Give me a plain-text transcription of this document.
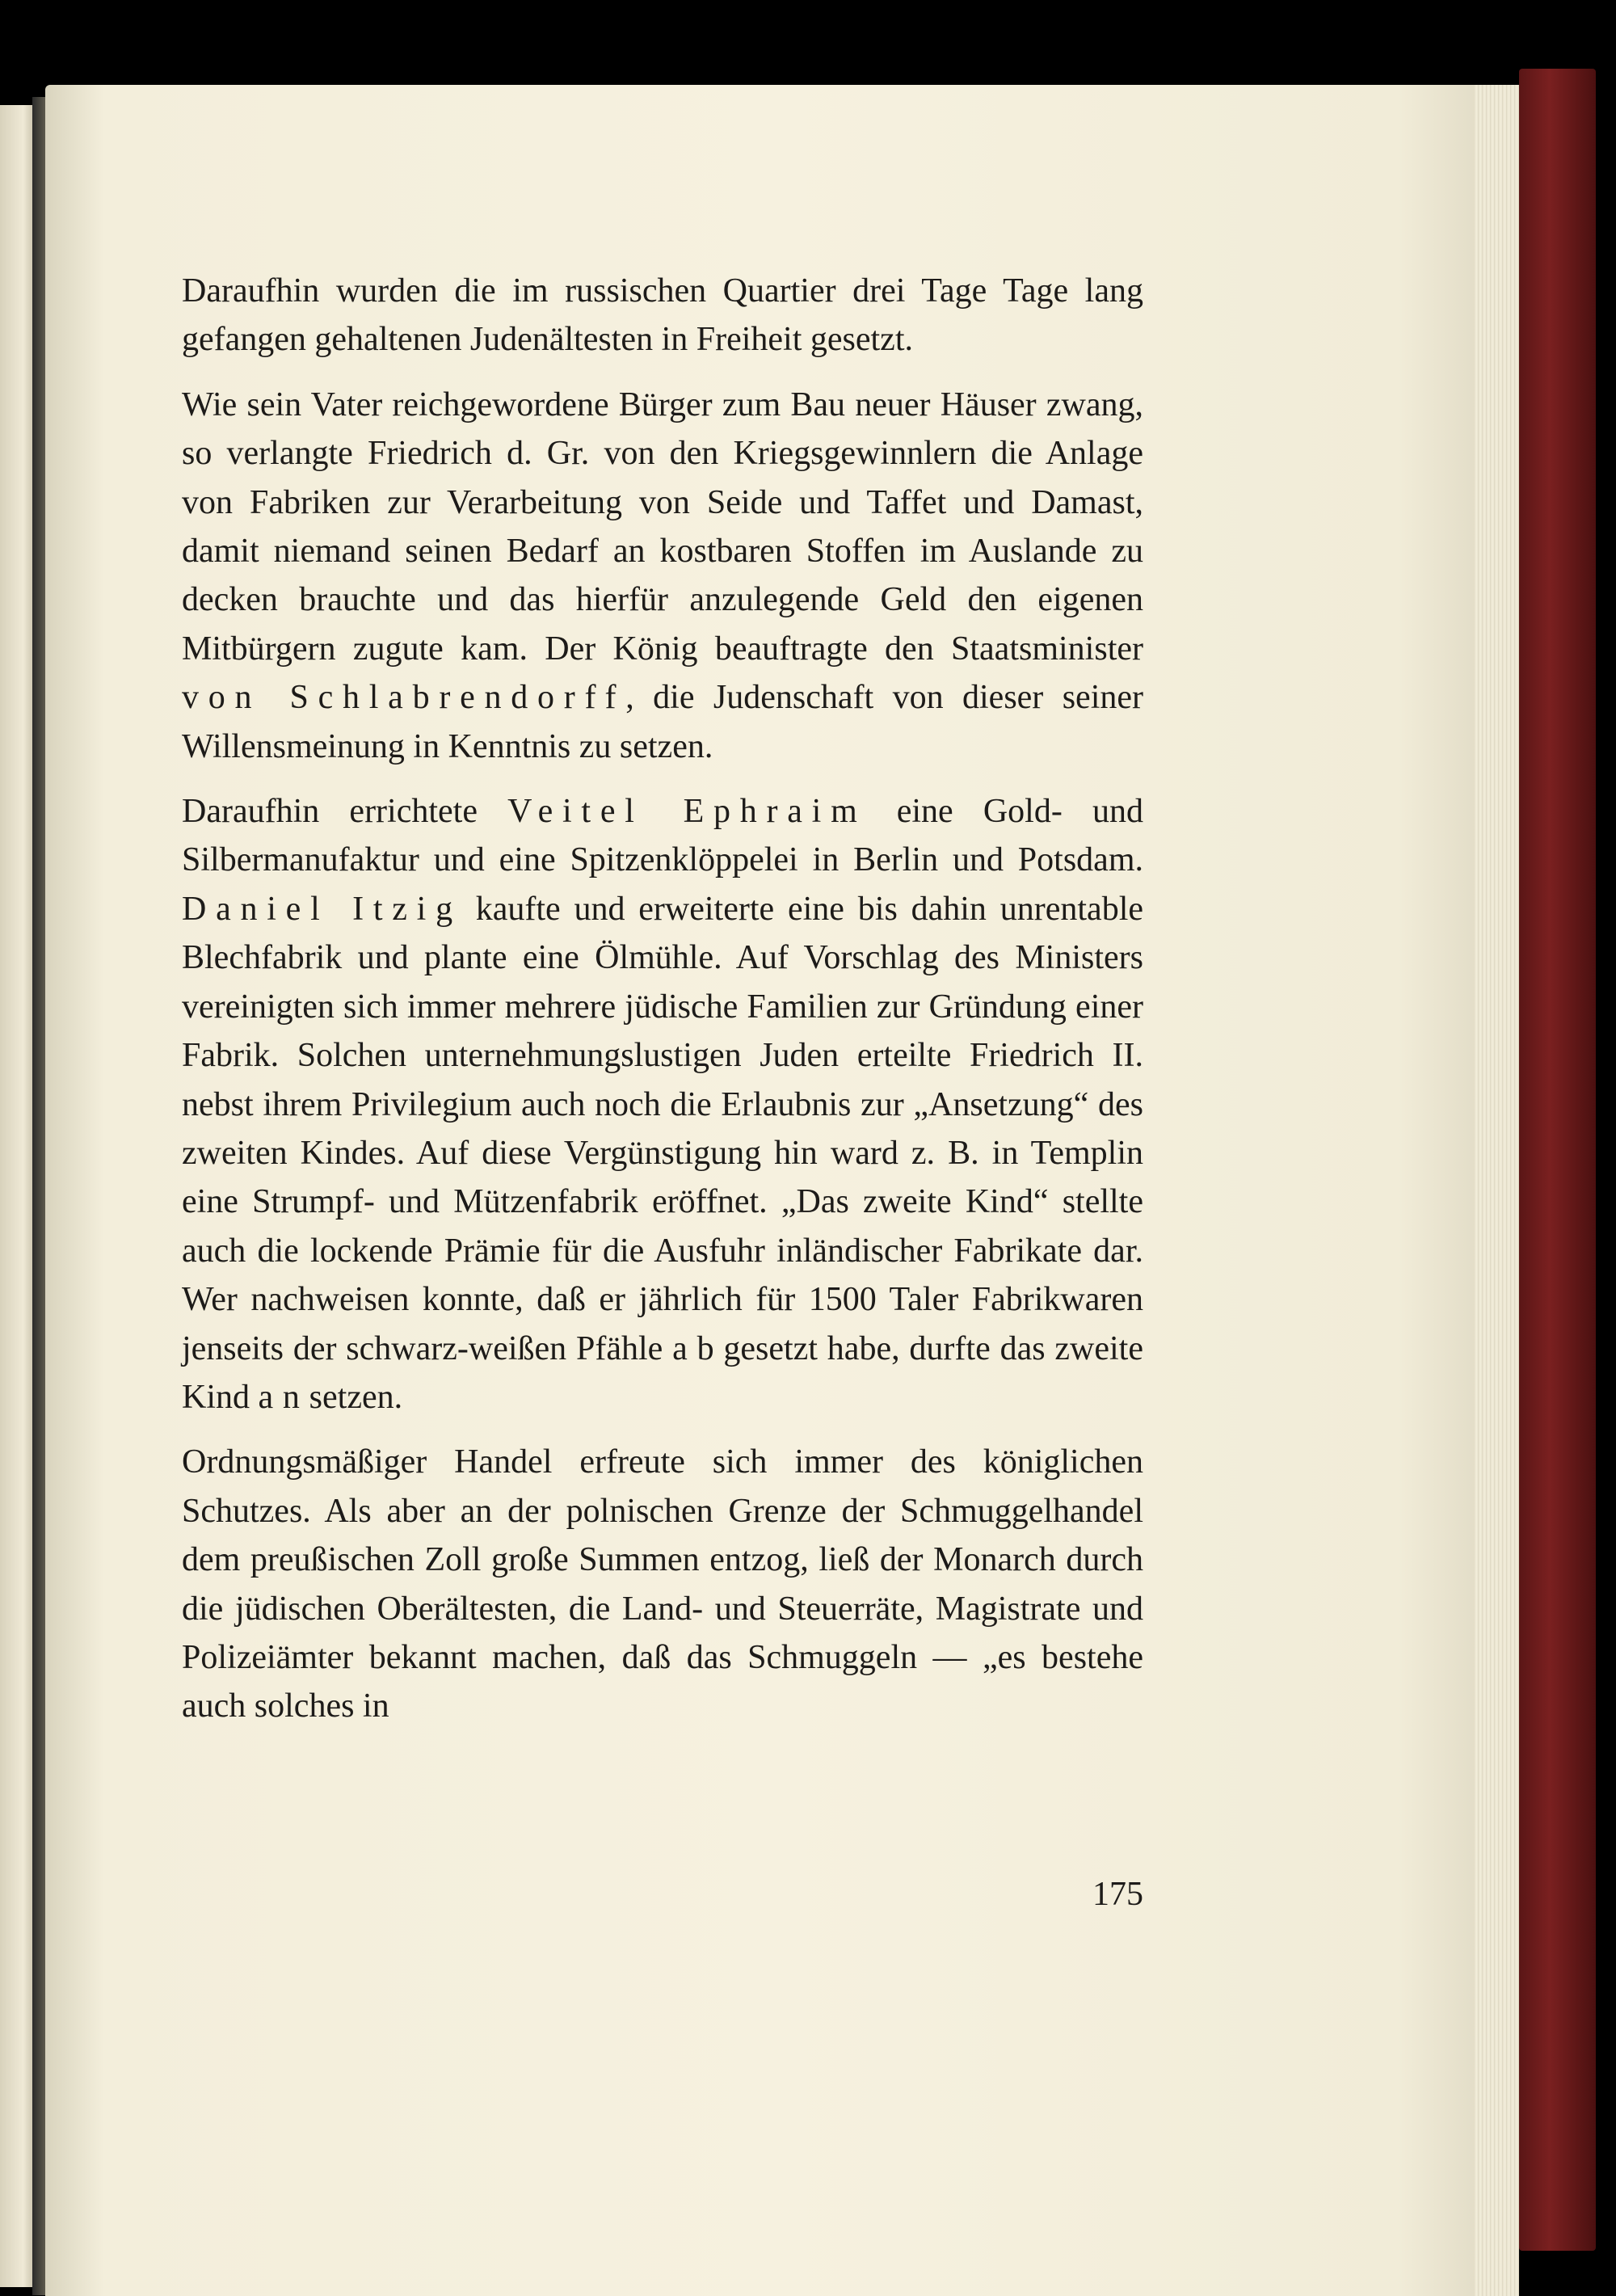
Daraufhin wurden die im russischen Quartier drei Tage Tage lang gefangen gehaltenen Judenältesten in Freiheit gesetzt.

Wie sein Vater reichgewordene Bürger zum Bau neuer Häuser zwang, so verlangte Friedrich d. Gr. von den Kriegsgewinnlern die Anlage von Fabriken zur Verarbeitung von Seide und Taffet und Damast, damit niemand seinen Bedarf an kostbaren Stoffen im Auslande zu decken brauchte und das hierfür anzulegende Geld den eigenen Mitbürgern zugute kam. Der König beauftragte den Staatsminister von Schlabrendorff, die Judenschaft von dieser seiner Willensmeinung in Kenntnis zu setzen.

Daraufhin errichtete Veitel Ephraim eine Gold- und Silbermanufaktur und eine Spitzenklöppelei in Berlin und Potsdam. Daniel Itzig kaufte und erweiterte eine bis dahin unrentable Blechfabrik und plante eine Ölmühle. Auf Vorschlag des Ministers vereinigten sich immer mehrere jüdische Familien zur Gründung einer Fabrik. Solchen unternehmungslustigen Juden erteilte Friedrich II. nebst ihrem Privilegium auch noch die Erlaubnis zur „Ansetzung“ des zweiten Kindes. Auf diese Vergünstigung hin ward z. B. in Templin eine Strumpf- und Mützenfabrik eröffnet. „Das zweite Kind“ stellte auch die lockende Prämie für die Ausfuhr inländischer Fabrikate dar. Wer nachweisen konnte, daß er jährlich für 1500 Taler Fabrikwaren jenseits der schwarz-weißen Pfähle abgesetzt habe, durfte das zweite Kind ansetzen.

Ordnungsmäßiger Handel erfreute sich immer des königlichen Schutzes. Als aber an der polnischen Grenze der Schmuggelhandel dem preußischen Zoll große Summen entzog, ließ der Monarch durch die jüdischen Oberältesten, die Land- und Steuerräte, Magistrate und Polizeiämter bekannt machen, daß das Schmuggeln — „es bestehe auch solches in

175
